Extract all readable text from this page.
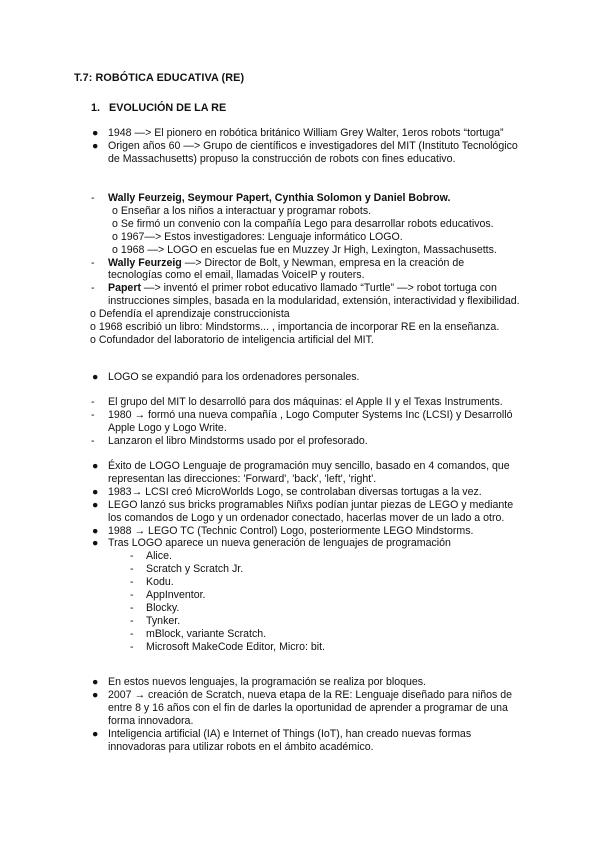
T.7: ROBÓTICA EDUCATIVA (RE)
1. EVOLUCIÓN DE LA RE
● 1948 —> El pionero en robótica británico William Grey Walter, 1eros robots “tortuga”
● Origen años 60 —> Grupo de científicos e investigadores del MIT (Instituto Tecnológico de Massachusetts) propuso la construcción de robots con fines educativo.
- Wally Feurzeig, Seymour Papert, Cynthia Solomon y Daniel Bobrow.
o Enseñar a los niños a interactuar y programar robots.
o Se firmó un convenio con la compañía Lego para desarrollar robots educativos.
o 1967—> Estos investigadores: Lenguaje informático LOGO.
o 1968 —> LOGO en escuelas fue en Muzzey Jr High, Lexington, Massachusetts.
- Wally Feurzeig —> Director de Bolt, y Newman, empresa en la creación de tecnologías como el email, llamadas VoiceIP y routers.
- Papert —> inventó el primer robot educativo llamado “Turtle” —> robot tortuga con instrucciones simples, basada en la modularidad, extensión, interactividad y flexibilidad.
o Defendía el aprendizaje construccionista
o 1968 escribió un libro: Mindstorms... , importancia de incorporar RE en la enseñanza.
o Cofundador del laboratorio de inteligencia artificial del MIT.
● LOGO se expandió para los ordenadores personales.
- El grupo del MIT lo desarrolló para dos máquinas: el Apple II y el Texas Instruments.
- 1980 → formó una nueva compañía , Logo Computer Systems Inc (LCSI) y Desarrolló Apple Logo y Logo Write.
- Lanzaron el libro Mindstorms usado por el profesorado.
● Éxito de LOGO Lenguaje de programación muy sencillo, basado en 4 comandos, que representan las direcciones: 'Forward', 'back', 'left', 'right'.
● 1983→ LCSI creó MicroWorlds Logo, se controlaban diversas tortugas a la vez.
● LEGO lanzó sus bricks programables Niñxs podían juntar piezas de LEGO y mediante los comandos de Logo y un ordenador conectado, hacerlas mover de un lado a otro.
● 1988 → LEGO TC (Technic Control) Logo, posteriormente LEGO Mindstorms.
● Tras LOGO aparece un nueva generación de lenguajes de programación
- Alice.
- Scratch y Scratch Jr.
- Kodu.
- AppInventor.
- Blocky.
- Tynker.
- mBlock, variante Scratch.
- Microsoft MakeCode Editor, Micro: bit.
● En estos nuevos lenguajes, la programación se realiza por bloques.
● 2007 → creación de Scratch, nueva etapa de la RE: Lenguaje diseñado para niños de entre 8 y 16 años con el fin de darles la oportunidad de aprender a programar de una forma innovadora.
● Inteligencia artificial (IA) e Internet of Things (IoT), han creado nuevas formas innovadoras para utilizar robots en el ámbito académico.
